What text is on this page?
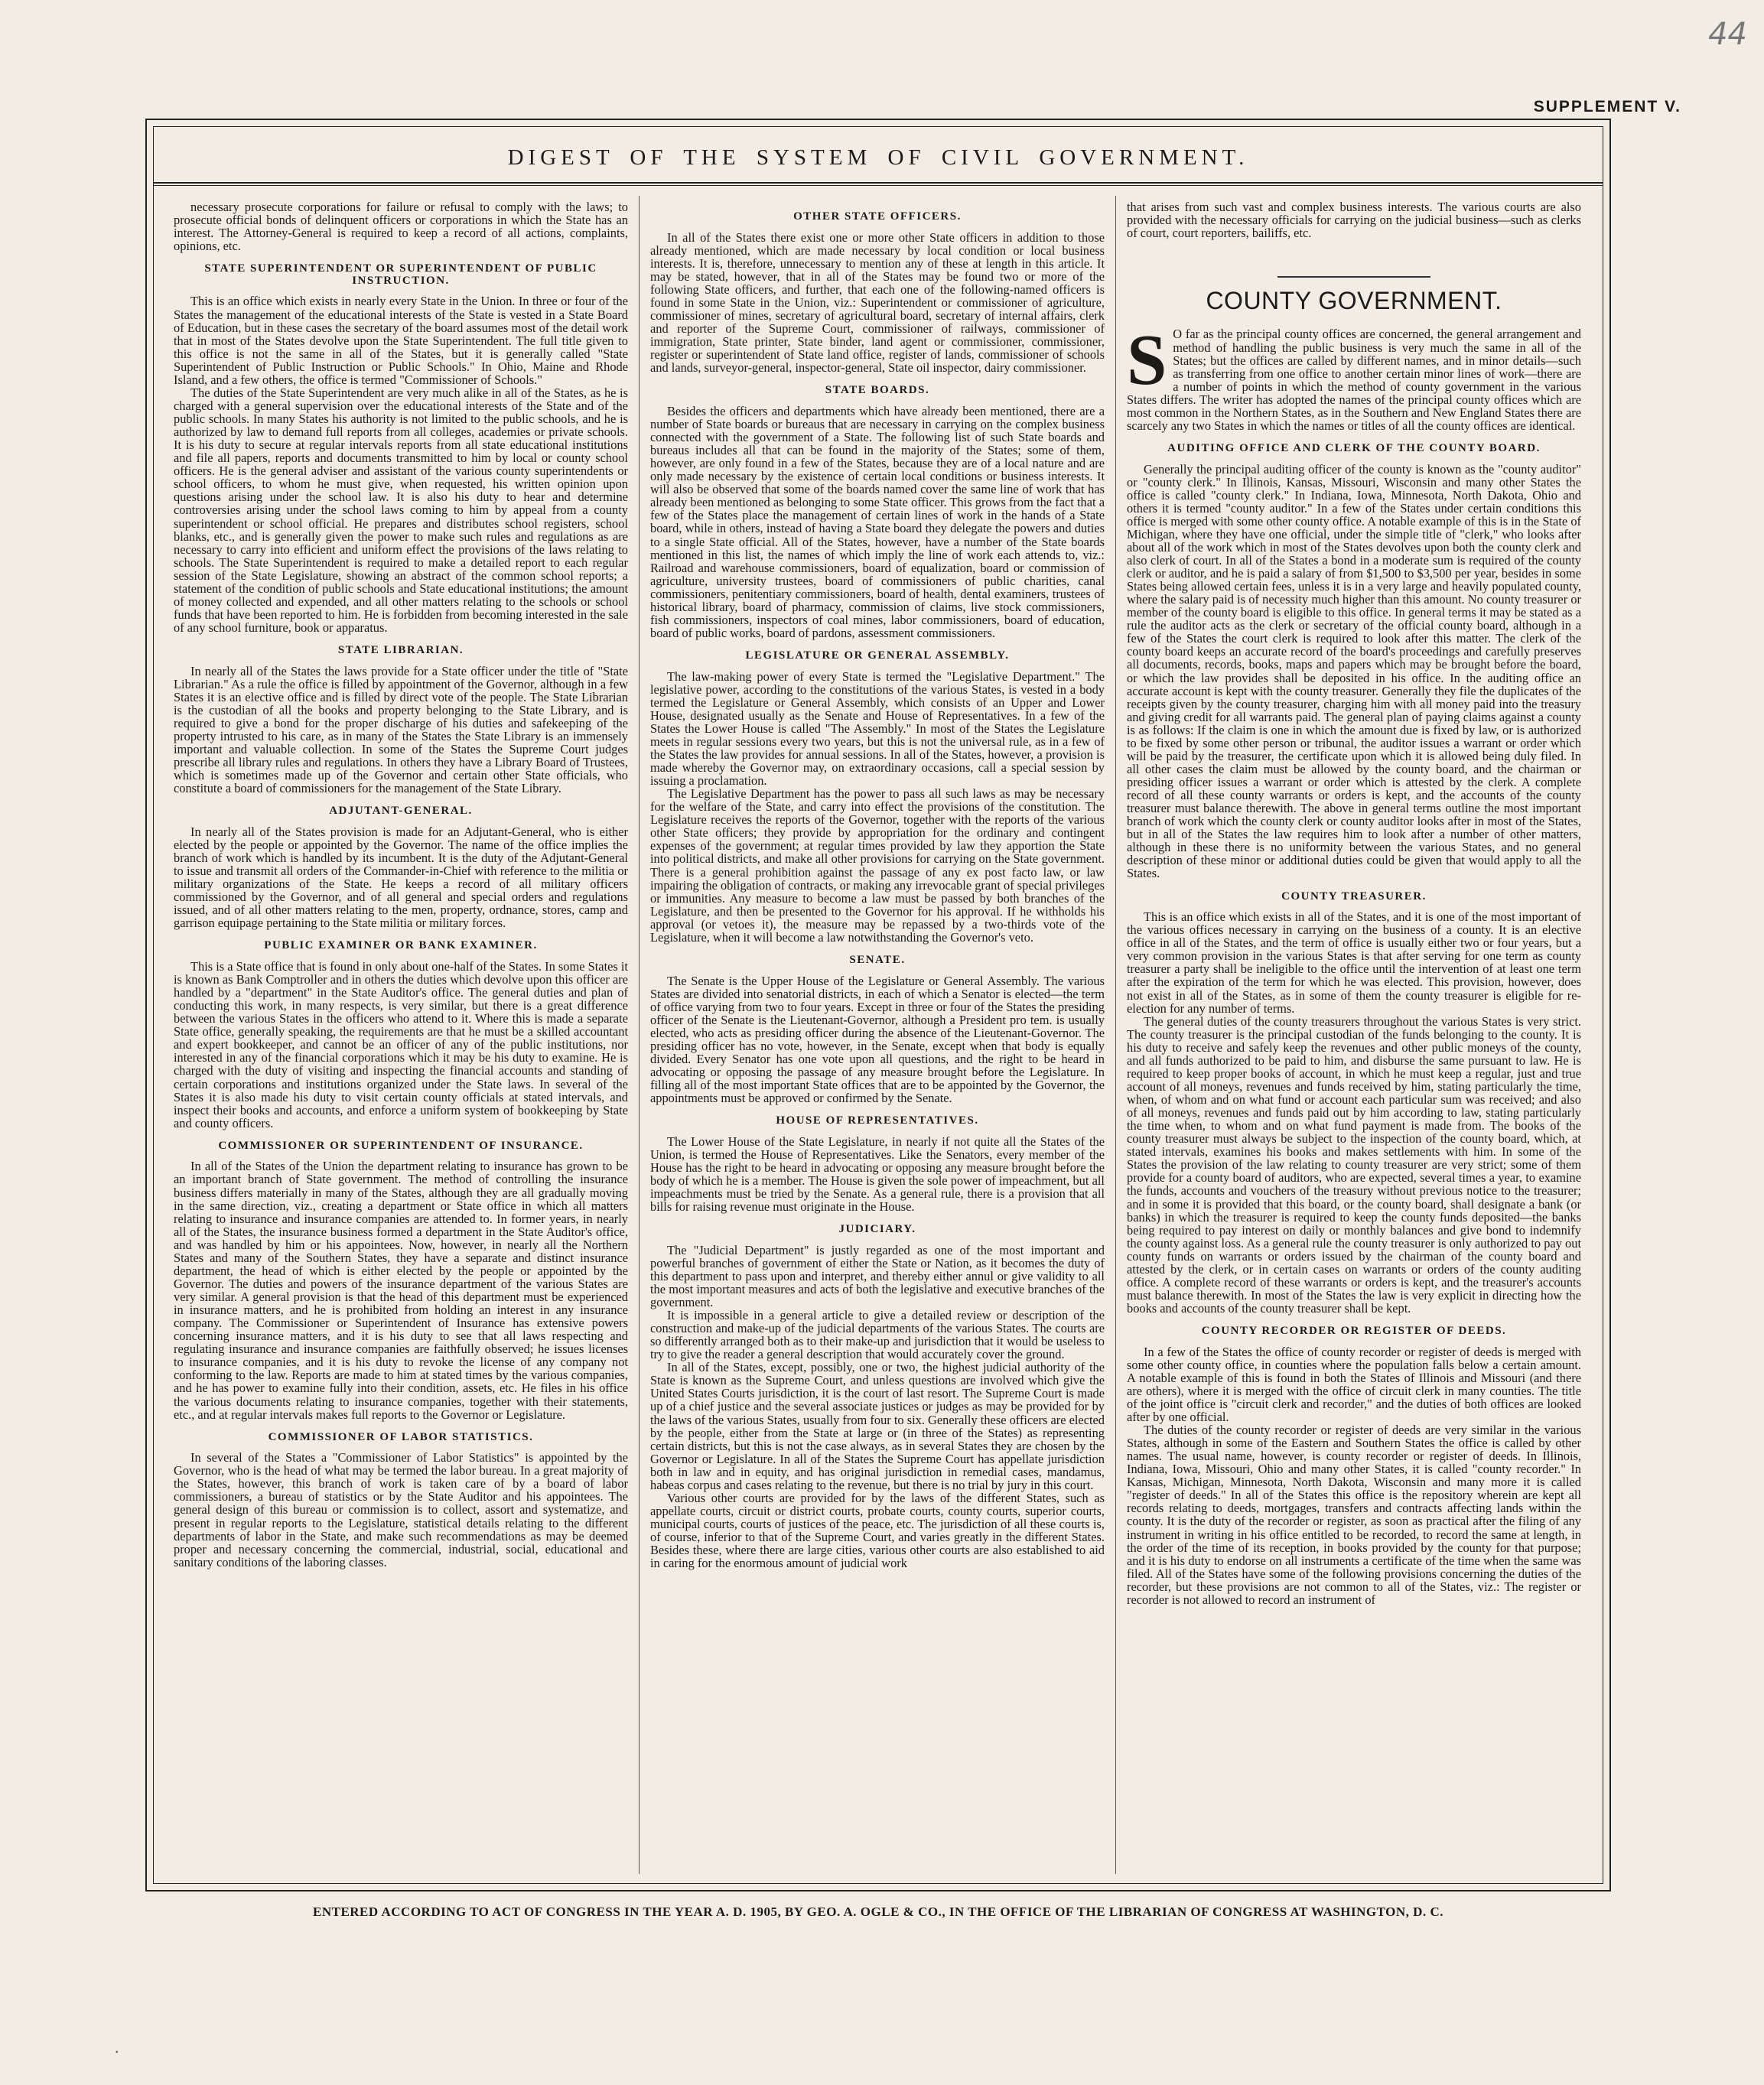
44
SUPPLEMENT V.
DIGEST OF THE SYSTEM OF CIVIL GOVERNMENT.

necessary prosecute corporations for failure or refusal to comply with the laws; to prosecute official bonds of delinquent officers or corporations in which the State has an interest. The Attorney-General is required to keep a record of all actions, complaints, opinions, etc.

STATE SUPERINTENDENT OR SUPERINTENDENT OF PUBLIC INSTRUCTION.

This is an office which exists in nearly every State in the Union. In three or four of the States the management of the educational interests of the State is vested in a State Board of Education, but in these cases the secretary of the board assumes most of the detail work that in most of the States devolve upon the State Superintendent. The full title given to this office is not the same in all of the States, but it is generally called "State Superintendent of Public Instruction or Public Schools." In Ohio, Maine and Rhode Island, and a few others, the office is termed "Commissioner of Schools."

The duties of the State Superintendent are very much alike in all of the States, as he is charged with a general supervision over the educational interests of the State and of the public schools. In many States his authority is not limited to the public schools, and he is authorized by law to demand full reports from all colleges, academies or private schools. It is his duty to secure at regular intervals reports from all state educational institutions and file all papers, reports and documents transmitted to him by local or county school officers. He is the general adviser and assistant of the various county superintendents or school officers, to whom he must give, when requested, his written opinion upon questions arising under the school law. It is also his duty to hear and determine controversies arising under the school laws coming to him by appeal from a county superintendent or school official. He prepares and distributes school registers, school blanks, etc., and is generally given the power to make such rules and regulations as are necessary to carry into efficient and uniform effect the provisions of the laws relating to schools. The State Superintendent is required to make a detailed report to each regular session of the State Legislature, showing an abstract of the common school reports; a statement of the condition of public schools and State educational institutions; the amount of money collected and expended, and all other matters relating to the schools or school funds that have been reported to him. He is forbidden from becoming interested in the sale of any school furniture, book or apparatus.

STATE LIBRARIAN.

In nearly all of the States the laws provide for a State officer under the title of "State Librarian." As a rule the office is filled by appointment of the Governor, although in a few States it is an elective office and is filled by direct vote of the people. The State Librarian is the custodian of all the books and property belonging to the State Library, and is required to give a bond for the proper discharge of his duties and safekeeping of the property intrusted to his care, as in many of the States the State Library is an immensely important and valuable collection. In some of the States the Supreme Court judges prescribe all library rules and regulations. In others they have a Library Board of Trustees, which is sometimes made up of the Governor and certain other State officials, who constitute a board of commissioners for the management of the State Library.

ADJUTANT-GENERAL.

In nearly all of the States provision is made for an Adjutant-General, who is either elected by the people or appointed by the Governor. The name of the office implies the branch of work which is handled by its incumbent. It is the duty of the Adjutant-General to issue and transmit all orders of the Commander-in-Chief with reference to the militia or military organizations of the State. He keeps a record of all military officers commissioned by the Governor, and of all general and special orders and regulations issued, and of all other matters relating to the men, property, ordnance, stores, camp and garrison equipage pertaining to the State militia or military forces.

PUBLIC EXAMINER OR BANK EXAMINER.

This is a State office that is found in only about one-half of the States. In some States it is known as Bank Comptroller and in others the duties which devolve upon this officer are handled by a "department" in the State Auditor's office. The general duties and plan of conducting this work, in many respects, is very similar, but there is a great difference between the various States in the officers who attend to it. Where this is made a separate State office, generally speaking, the requirements are that he must be a skilled accountant and expert bookkeeper, and cannot be an officer of any of the public institutions, nor interested in any of the financial corporations which it may be his duty to examine. He is charged with the duty of visiting and inspecting the financial accounts and standing of certain corporations and institutions organized under the State laws. In several of the States it is also made his duty to visit certain county officials at stated intervals, and inspect their books and accounts, and enforce a uniform system of bookkeeping by State and county officers.

COMMISSIONER OR SUPERINTENDENT OF INSURANCE.

In all of the States of the Union the department relating to insurance has grown to be an important branch of State government. The method of controlling the insurance business differs materially in many of the States, although they are all gradually moving in the same direction, viz., creating a department or State office in which all matters relating to insurance and insurance companies are attended to. In former years, in nearly all of the States, the insurance business formed a department in the State Auditor's office, and was handled by him or his appointees. Now, however, in nearly all the Northern States and many of the Southern States, they have a separate and distinct insurance department, the head of which is either elected by the people or appointed by the Governor. The duties and powers of the insurance department of the various States are very similar. A general provision is that the head of this department must be experienced in insurance matters, and he is prohibited from holding an interest in any insurance company. The Commissioner or Superintendent of Insurance has extensive powers concerning insurance matters, and it is his duty to see that all laws respecting and regulating insurance and insurance companies are faithfully observed; he issues licenses to insurance companies, and it is his duty to revoke the license of any company not conforming to the law. Reports are made to him at stated times by the various companies, and he has power to examine fully into their condition, assets, etc. He files in his office the various documents relating to insurance companies, together with their statements, etc., and at regular intervals makes full reports to the Governor or Legislature.

COMMISSIONER OF LABOR STATISTICS.

In several of the States a "Commissioner of Labor Statistics" is appointed by the Governor, who is the head of what may be termed the labor bureau. In a great majority of the States, however, this branch of work is taken care of by a board of labor commissioners, a bureau of statistics or by the State Auditor and his appointees. The general design of this bureau or commission is to collect, assort and systematize, and present in regular reports to the Legislature, statistical details relating to the different departments of labor in the State, and make such recommendations as may be deemed proper and necessary concerning the commercial, industrial, social, educational and sanitary conditions of the laboring classes.

OTHER STATE OFFICERS.

In all of the States there exist one or more other State officers in addition to those already mentioned, which are made necessary by local condition or local business interests. It is, therefore, unnecessary to mention any of these at length in this article. It may be stated, however, that in all of the States may be found two or more of the following State officers, and further, that each one of the following-named officers is found in some State in the Union, viz.: Superintendent or commissioner of agriculture, commissioner of mines, secretary of agricultural board, secretary of internal affairs, clerk and reporter of the Supreme Court, commissioner of railways, commissioner of immigration, State printer, State binder, land agent or commissioner, commissioner, register or superintendent of State land office, register of lands, commissioner of schools and lands, surveyor-general, inspector-general, State oil inspector, dairy commissioner.

STATE BOARDS.

Besides the officers and departments which have already been mentioned, there are a number of State boards or bureaus that are necessary in carrying on the complex business connected with the government of a State. The following list of such State boards and bureaus includes all that can be found in the majority of the States; some of them, however, are only found in a few of the States, because they are of a local nature and are only made necessary by the existence of certain local conditions or business interests. It will also be observed that some of the boards named cover the same line of work that has already been mentioned as belonging to some State officer. This grows from the fact that a few of the States place the management of certain lines of work in the hands of a State board, while in others, instead of having a State board they delegate the powers and duties to a single State official. All of the States, however, have a number of the State boards mentioned in this list, the names of which imply the line of work each attends to, viz.: Railroad and warehouse commissioners, board of equalization, board or commission of agriculture, university trustees, board of commissioners of public charities, canal commissioners, penitentiary commissioners, board of health, dental examiners, trustees of historical library, board of pharmacy, commission of claims, live stock commissioners, fish commissioners, inspectors of coal mines, labor commissioners, board of education, board of public works, board of pardons, assessment commissioners.

LEGISLATURE OR GENERAL ASSEMBLY.

The law-making power of every State is termed the "Legislative Department." The legislative power, according to the constitutions of the various States, is vested in a body termed the Legislature or General Assembly, which consists of an Upper and Lower House, designated usually as the Senate and House of Representatives. In a few of the States the Lower House is called "The Assembly." In most of the States the Legislature meets in regular sessions every two years, but this is not the universal rule, as in a few of the States the law provides for annual sessions. In all of the States, however, a provision is made whereby the Governor may, on extraordinary occasions, call a special session by issuing a proclamation.

The Legislative Department has the power to pass all such laws as may be necessary for the welfare of the State, and carry into effect the provisions of the constitution. The Legislature receives the reports of the Governor, together with the reports of the various other State officers; they provide by appropriation for the ordinary and contingent expenses of the government; at regular times provided by law they apportion the State into political districts, and make all other provisions for carrying on the State government. There is a general prohibition against the passage of any ex post facto law, or law impairing the obligation of contracts, or making any irrevocable grant of special privileges or immunities. Any measure to become a law must be passed by both branches of the Legislature, and then be presented to the Governor for his approval. If he withholds his approval (or vetoes it), the measure may be repassed by a two-thirds vote of the Legislature, when it will become a law notwithstanding the Governor's veto.

SENATE.

The Senate is the Upper House of the Legislature or General Assembly. The various States are divided into senatorial districts, in each of which a Senator is elected—the term of office varying from two to four years. Except in three or four of the States the presiding officer of the Senate is the Lieutenant-Governor, although a President pro tem. is usually elected, who acts as presiding officer during the absence of the Lieutenant-Governor. The presiding officer has no vote, however, in the Senate, except when that body is equally divided. Every Senator has one vote upon all questions, and the right to be heard in advocating or opposing the passage of any measure brought before the Legislature. In filling all of the most important State offices that are to be appointed by the Governor, the appointments must be approved or confirmed by the Senate.

HOUSE OF REPRESENTATIVES.

The Lower House of the State Legislature, in nearly if not quite all the States of the Union, is termed the House of Representatives. Like the Senators, every member of the House has the right to be heard in advocating or opposing any measure brought before the body of which he is a member. The House is given the sole power of impeachment, but all impeachments must be tried by the Senate. As a general rule, there is a provision that all bills for raising revenue must originate in the House.

JUDICIARY.

The "Judicial Department" is justly regarded as one of the most important and powerful branches of government of either the State or Nation, as it becomes the duty of this department to pass upon and interpret, and thereby either annul or give validity to all the most important measures and acts of both the legislative and executive branches of the government.

It is impossible in a general article to give a detailed review or description of the construction and make-up of the judicial departments of the various States. The courts are so differently arranged both as to their make-up and jurisdiction that it would be useless to try to give the reader a general description that would accurately cover the ground.

In all of the States, except, possibly, one or two, the highest judicial authority of the State is known as the Supreme Court, and unless questions are involved which give the United States Courts jurisdiction, it is the court of last resort. The Supreme Court is made up of a chief justice and the several associate justices or judges as may be provided for by the laws of the various States, usually from four to six. Generally these officers are elected by the people, either from the State at large or (in three of the States) as representing certain districts, but this is not the case always, as in several States they are chosen by the Governor or Legislature. In all of the States the Supreme Court has appellate jurisdiction both in law and in equity, and has original jurisdiction in remedial cases, mandamus, habeas corpus and cases relating to the revenue, but there is no trial by jury in this court.

Various other courts are provided for by the laws of the different States, such as appellate courts, circuit or district courts, probate courts, county courts, superior courts, municipal courts, courts of justices of the peace, etc. The jurisdiction of all these courts is, of course, inferior to that of the Supreme Court, and varies greatly in the different States. Besides these, where there are large cities, various other courts are also established to aid in caring for the enormous amount of judicial work

that arises from such vast and complex business interests. The various courts are also provided with the necessary officials for carrying on the judicial business—such as clerks of court, court reporters, bailiffs, etc.

COUNTY GOVERNMENT.

S O far as the principal county offices are concerned, the general arrangement and method of handling the public business is very much the same in all of the States; but the offices are called by different names, and in minor details—such as transferring from one office to another certain minor lines of work—there are a number of points in which the method of county government in the various States differs. The writer has adopted the names of the principal county offices which are most common in the Northern States, as in the Southern and New England States there are scarcely any two States in which the names or titles of all the county offices are identical.

AUDITING OFFICE AND CLERK OF THE COUNTY BOARD.

Generally the principal auditing officer of the county is known as the "county auditor" or "county clerk." In Illinois, Kansas, Missouri, Wisconsin and many other States the office is called "county clerk." In Indiana, Iowa, Minnesota, North Dakota, Ohio and others it is termed "county auditor." In a few of the States under certain conditions this office is merged with some other county office. A notable example of this is in the State of Michigan, where they have one official, under the simple title of "clerk," who looks after about all of the work which in most of the States devolves upon both the county clerk and also clerk of court. In all of the States a bond in a moderate sum is required of the county clerk or auditor, and he is paid a salary of from $1,500 to $3,500 per year, besides in some States being allowed certain fees, unless it is in a very large and heavily populated county, where the salary paid is of necessity much higher than this amount. No county treasurer or member of the county board is eligible to this office. In general terms it may be stated as a rule the auditor acts as the clerk or secretary of the official county board, although in a few of the States the court clerk is required to look after this matter. The clerk of the county board keeps an accurate record of the board's proceedings and carefully preserves all documents, records, books, maps and papers which may be brought before the board, or which the law provides shall be deposited in his office. In the auditing office an accurate account is kept with the county treasurer. Generally they file the duplicates of the receipts given by the county treasurer, charging him with all money paid into the treasury and giving credit for all warrants paid. The general plan of paying claims against a county is as follows: If the claim is one in which the amount due is fixed by law, or is authorized to be fixed by some other person or tribunal, the auditor issues a warrant or order which will be paid by the treasurer, the certificate upon which it is allowed being duly filed. In all other cases the claim must be allowed by the county board, and the chairman or presiding officer issues a warrant or order which is attested by the clerk. A complete record of all these county warrants or orders is kept, and the accounts of the county treasurer must balance therewith. The above in general terms outline the most important branch of work which the county clerk or county auditor looks after in most of the States, but in all of the States the law requires him to look after a number of other matters, although in these there is no uniformity between the various States, and no general description of these minor or additional duties could be given that would apply to all the States.

COUNTY TREASURER.

This is an office which exists in all of the States, and it is one of the most important of the various offices necessary in carrying on the business of a county. It is an elective office in all of the States, and the term of office is usually either two or four years, but a very common provision in the various States is that after serving for one term as county treasurer a party shall be ineligible to the office until the intervention of at least one term after the expiration of the term for which he was elected. This provision, however, does not exist in all of the States, as in some of them the county treasurer is eligible for re-election for any number of terms.

The general duties of the county treasurers throughout the various States is very strict. The county treasurer is the principal custodian of the funds belonging to the county. It is his duty to receive and safely keep the revenues and other public moneys of the county, and all funds authorized to be paid to him, and disburse the same pursuant to law. He is required to keep proper books of account, in which he must keep a regular, just and true account of all moneys, revenues and funds received by him, stating particularly the time, when, of whom and on what fund or account each particular sum was received; and also of all moneys, revenues and funds paid out by him according to law, stating particularly the time when, to whom and on what fund payment is made from. The books of the county treasurer must always be subject to the inspection of the county board, which, at stated intervals, examines his books and makes settlements with him. In some of the States the provision of the law relating to county treasurer are very strict; some of them provide for a county board of auditors, who are expected, several times a year, to examine the funds, accounts and vouchers of the treasury without previous notice to the treasurer; and in some it is provided that this board, or the county board, shall designate a bank (or banks) in which the treasurer is required to keep the county funds deposited—the banks being required to pay interest on daily or monthly balances and give bond to indemnify the county against loss. As a general rule the county treasurer is only authorized to pay out county funds on warrants or orders issued by the chairman of the county board and attested by the clerk, or in certain cases on warrants or orders of the county auditing office. A complete record of these warrants or orders is kept, and the treasurer's accounts must balance therewith. In most of the States the law is very explicit in directing how the books and accounts of the county treasurer shall be kept.

COUNTY RECORDER OR REGISTER OF DEEDS.

In a few of the States the office of county recorder or register of deeds is merged with some other county office, in counties where the population falls below a certain amount. A notable example of this is found in both the States of Illinois and Missouri (and there are others), where it is merged with the office of circuit clerk in many counties. The title of the joint office is "circuit clerk and recorder," and the duties of both offices are looked after by one official.

The duties of the county recorder or register of deeds are very similar in the various States, although in some of the Eastern and Southern States the office is called by other names. The usual name, however, is county recorder or register of deeds. In Illinois, Indiana, Iowa, Missouri, Ohio and many other States, it is called "county recorder." In Kansas, Michigan, Minnesota, North Dakota, Wisconsin and many more it is called "register of deeds." In all of the States this office is the repository wherein are kept all records relating to deeds, mortgages, transfers and contracts affecting lands within the county. It is the duty of the recorder or register, as soon as practical after the filing of any instrument in writing in his office entitled to be recorded, to record the same at length, in the order of the time of its reception, in books provided by the county for that purpose; and it is his duty to endorse on all instruments a certificate of the time when the same was filed. All of the States have some of the following provisions concerning the duties of the recorder, but these provisions are not common to all of the States, viz.: The register or recorder is not allowed to record an instrument of

ENTERED ACCORDING TO ACT OF CONGRESS IN THE YEAR A. D. 1905, BY GEO. A. OGLE & CO., IN THE OFFICE OF THE LIBRARIAN OF CONGRESS AT WASHINGTON, D. C.
.
